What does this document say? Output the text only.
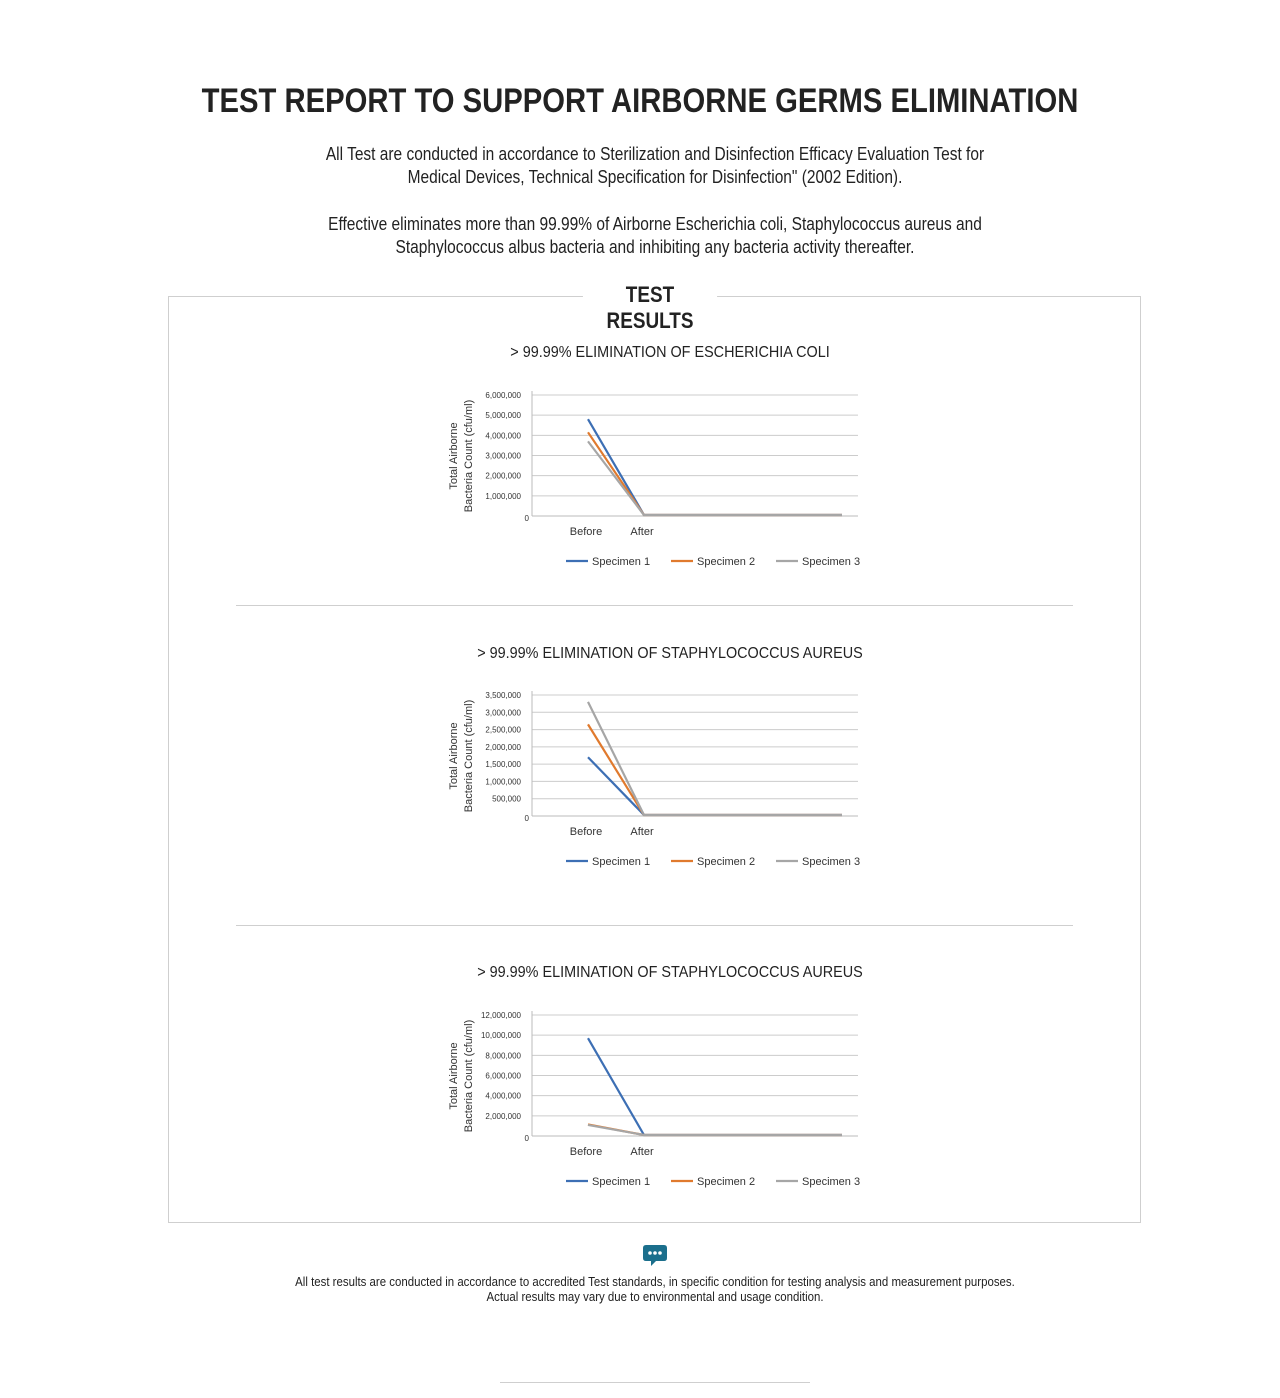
TEST REPORT TO SUPPORT AIRBORNE GERMS ELIMINATION

All Test are conducted in accordance to Sterilization and Disinfection Efficacy Evaluation Test for Medical Devices, Technical Specification for Disinfection" (2002 Edition).

Effective eliminates more than 99.99% of Airborne Escherichia coli, Staphylococcus aureus and Staphylococcus albus bacteria and inhibiting any bacteria activity thereafter.

TEST RESULTS

> 99.99% ELIMINATION OF ESCHERICHIA COLI

0
1,000,000
2,000,000
3,000,000
4,000,000
5,000,000
6,000,000
Before	After
Total Airborne Bacteria Count (cfu/ml)
Specimen 1	Specimen 2	Specimen 3

> 99.99% ELIMINATION OF STAPHYLOCOCCUS AUREUS

0
500,000
1,000,000
1,500,000
2,000,000
2,500,000
3,000,000
3,500,000
Before	After
Total Airborne Bacteria Count (cfu/ml)
Specimen 1	Specimen 2	Specimen 3

> 99.99% ELIMINATION OF STAPHYLOCOCCUS AUREUS

0
2,000,000
4,000,000
6,000,000
8,000,000
10,000,000
12,000,000
Before	After
Total Airborne Bacteria Count (cfu/ml)
Specimen 1	Specimen 2	Specimen 3

All test results are conducted in accordance to accredited Test standards, in specific condition for testing analysis and measurement purposes.

Actual results may vary due to environmental and usage condition.
